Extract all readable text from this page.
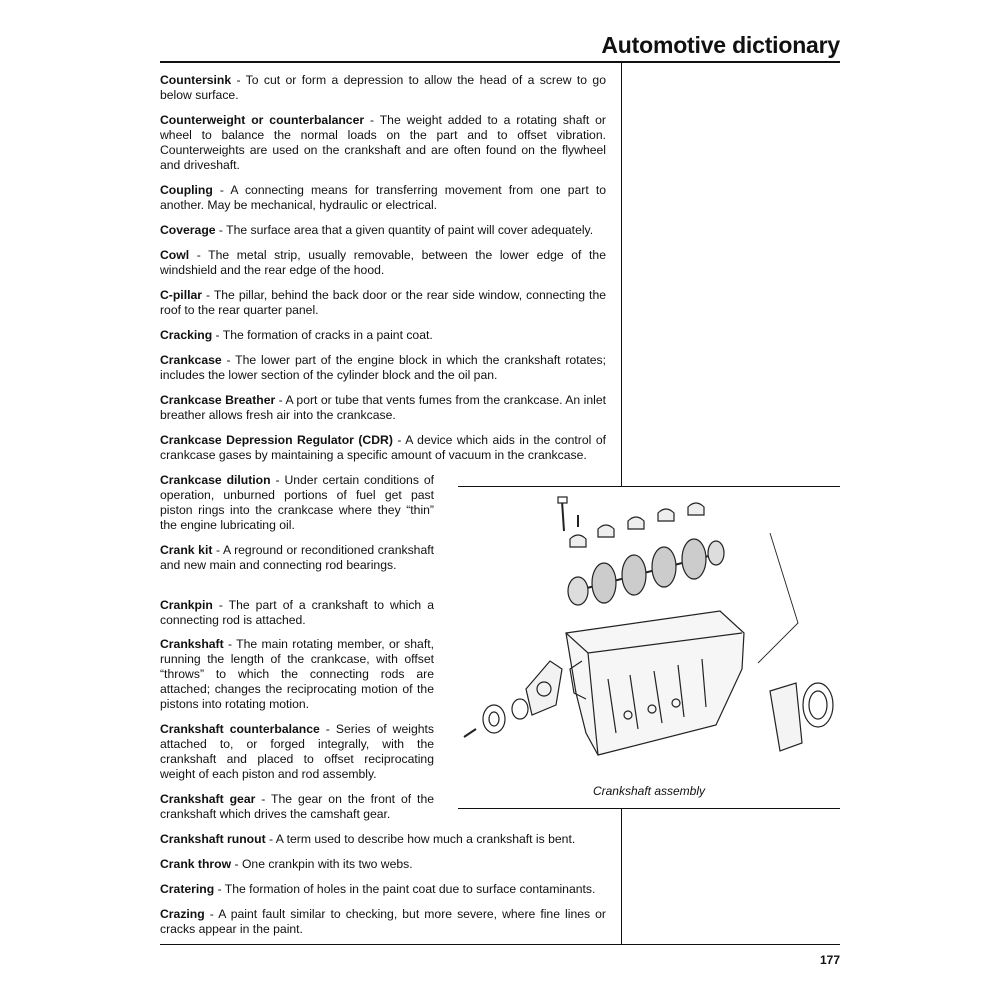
Automotive dictionary

Countersink - To cut or form a depression to allow the head of a screw to go below surface.

Counterweight or counterbalancer - The weight added to a rotating shaft or wheel to balance the normal loads on the part and to offset vibration. Counterweights are used on the crankshaft and are often found on the flywheel and driveshaft.

Coupling - A connecting means for transferring movement from one part to another. May be mechanical, hydraulic or electrical.

Coverage - The surface area that a given quantity of paint will cover adequately.

Cowl - The metal strip, usually removable, between the lower edge of the windshield and the rear edge of the hood.

C-pillar - The pillar, behind the back door or the rear side window, connecting the roof to the rear quarter panel.

Cracking - The formation of cracks in a paint coat.

Crankcase - The lower part of the engine block in which the crankshaft rotates; includes the lower section of the cylinder block and the oil pan.

Crankcase Breather - A port or tube that vents fumes from the crankcase. An inlet breather allows fresh air into the crankcase.

Crankcase Depression Regulator (CDR) - A device which aids in the control of crankcase gases by maintaining a specific amount of vacuum in the crankcase.

Crankcase dilution - Under certain conditions of operation, unburned portions of fuel get past piston rings into the crankcase where they “thin” the engine lubricating oil.

Crank kit - A reground or reconditioned crankshaft and new main and connecting rod bearings.

Crankpin - The part of a crankshaft to which a connecting rod is attached.

Crankshaft - The main rotating member, or shaft, running the length of the crankcase, with offset “throws” to which the connecting rods are attached; changes the reciprocating motion of the pistons into rotating motion.

Crankshaft counterbalance - Series of weights attached to, or forged integrally, with the crankshaft and placed to offset reciprocating weight of each piston and rod assembly.

Crankshaft gear - The gear on the front of the crankshaft which drives the camshaft gear.

Crankshaft runout - A term used to describe how much a crankshaft is bent.

Crank throw - One crankpin with its two webs.

Cratering - The formation of holes in the paint coat due to surface contaminants.

Crazing - A paint fault similar to checking, but more severe, where fine lines or cracks appear in the paint.

Crankshaft assembly
177
